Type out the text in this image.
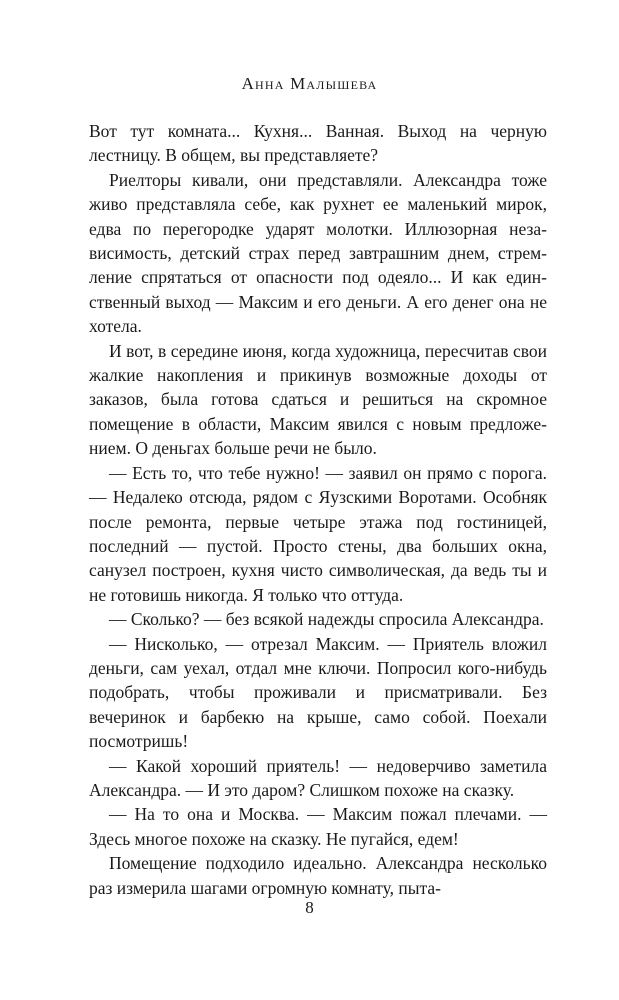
Анна Малышева

Вот тут комната... Кухня... Ванная. Выход на черную лестницу. В общем, вы представляете?

Риелторы кивали, они представляли. Александра тоже живо представляла себе, как рухнет ее маленький мирок, едва по перегородке ударят молотки. Иллюзорная независимость, детский страх перед завтрашним днем, стремление спрятаться от опасности под одеяло... И как единственный выход — Максим и его деньги. А его денег она не хотела.

И вот, в середине июня, когда художница, пересчитав свои жалкие накопления и прикинув возможные доходы от заказов, была готова сдаться и решиться на скромное помещение в области, Максим явился с новым предложением. О деньгах больше речи не было.

— Есть то, что тебе нужно! — заявил он прямо с порога. — Недалеко отсюда, рядом с Яузскими Воротами. Особняк после ремонта, первые четыре этажа под гостиницей, последний — пустой. Просто стены, два больших окна, санузел построен, кухня чисто символическая, да ведь ты и не готовишь никогда. Я только что оттуда.

— Сколько? — без всякой надежды спросила Александра.

— Нисколько, — отрезал Максим. — Приятель вложил деньги, сам уехал, отдал мне ключи. Попросил кого-нибудь подобрать, чтобы проживали и присматривали. Без вечеринок и барбекю на крыше, само собой. Поехали посмотришь!

— Какой хороший приятель! — недоверчиво заметила Александра. — И это даром? Слишком похоже на сказку.

— На то она и Москва. — Максим пожал плечами. — Здесь многое похоже на сказку. Не пугайся, едем!

Помещение подходило идеально. Александра несколько раз измерила шагами огромную комнату, пыта-

8
